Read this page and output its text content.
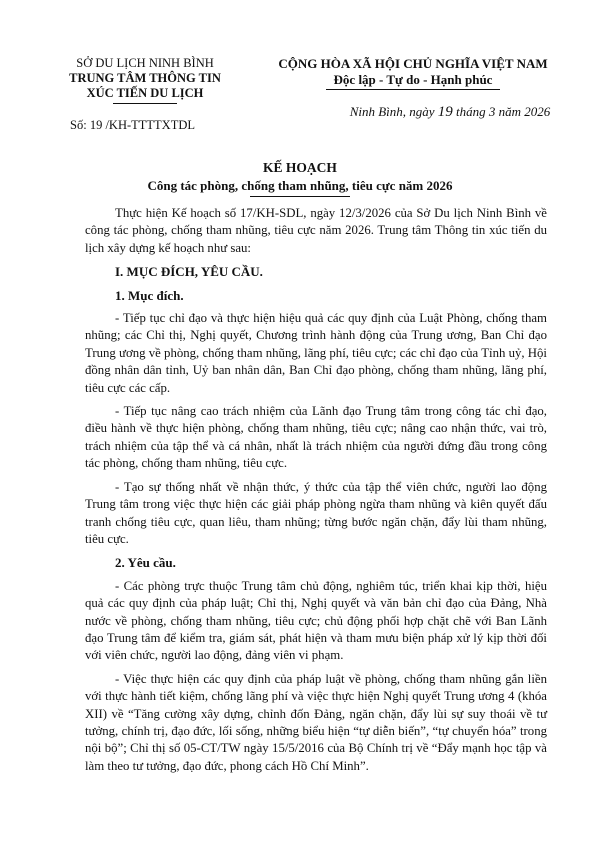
SỞ DU LỊCH NINH BÌNH
TRUNG TÂM THÔNG TIN
XÚC TIẾN DU LỊCH
Số: 19 /KH-TTTTXTDL
CỘNG HÒA XÃ HỘI CHỦ NGHĨA VIỆT NAM
Độc lập - Tự do - Hạnh phúc
Ninh Bình, ngày 19 tháng 3 năm 2026
KẾ HOẠCH
Công tác phòng, chống tham nhũng, tiêu cực năm 2026

Thực hiện Kế hoạch số 17/KH-SDL, ngày 12/3/2026 của Sở Du lịch Ninh Bình về công tác phòng, chống tham nhũng, tiêu cực năm 2026. Trung tâm Thông tin xúc tiến du lịch xây dựng kế hoạch như sau:

I. MỤC ĐÍCH, YÊU CẦU.
1. Mục đích.

- Tiếp tục chỉ đạo và thực hiện hiệu quả các quy định của Luật Phòng, chống tham nhũng; các Chỉ thị, Nghị quyết, Chương trình hành động của Trung ương, Ban Chỉ đạo Trung ương về phòng, chống tham nhũng, lãng phí, tiêu cực; các chỉ đạo của Tỉnh uỷ, Hội đồng nhân dân tỉnh, Uỷ ban nhân dân, Ban Chỉ đạo phòng, chống tham nhũng, lãng phí, tiêu cực các cấp.

- Tiếp tục nâng cao trách nhiệm của Lãnh đạo Trung tâm trong công tác chỉ đạo, điều hành về thực hiện phòng, chống tham nhũng, tiêu cực; nâng cao nhận thức, vai trò, trách nhiệm của tập thể và cá nhân, nhất là trách nhiệm của người đứng đầu trong công tác phòng, chống tham nhũng, tiêu cực.

- Tạo sự thống nhất về nhận thức, ý thức của tập thể viên chức, người lao động Trung tâm trong việc thực hiện các giải pháp phòng ngừa tham nhũng và kiên quyết đấu tranh chống tiêu cực, quan liêu, tham nhũng; từng bước ngăn chặn, đẩy lùi tham nhũng, tiêu cực.

2. Yêu cầu.

- Các phòng trực thuộc Trung tâm chủ động, nghiêm túc, triển khai kịp thời, hiệu quả các quy định của pháp luật; Chỉ thị, Nghị quyết và văn bản chỉ đạo của Đảng, Nhà nước về phòng, chống tham nhũng, tiêu cực; chủ động phối hợp chặt chẽ với Ban Lãnh đạo Trung tâm để kiểm tra, giám sát, phát hiện và tham mưu biện pháp xử lý kịp thời đối với viên chức, người lao động, đảng viên vi phạm.

- Việc thực hiện các quy định của pháp luật về phòng, chống tham nhũng gắn liền với thực hành tiết kiệm, chống lãng phí và việc thực hiện Nghị quyết Trung ương 4 (khóa XII) về “Tăng cường xây dựng, chỉnh đốn Đảng, ngăn chặn, đẩy lùi sự suy thoái về tư tưởng, chính trị, đạo đức, lối sống, những biểu hiện “tự diễn biến”, “tự chuyển hóa” trong nội bộ”; Chỉ thị số 05-CT/TW ngày 15/5/2016 của Bộ Chính trị về “Đẩy mạnh học tập và làm theo tư tưởng, đạo đức, phong cách Hồ Chí Minh”.
